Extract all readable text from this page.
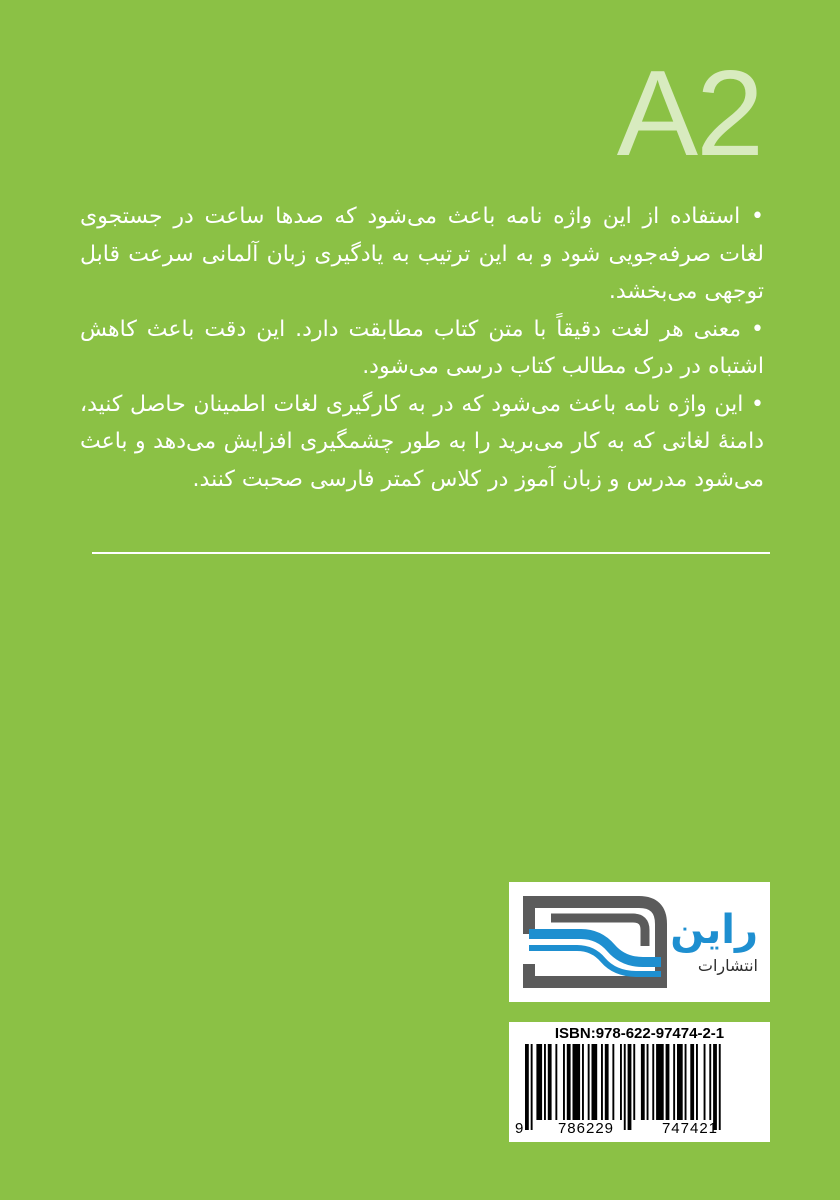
A2

• استفاده از این واژه نامه باعث می‌شود که صدها ساعت در جستجوی لغات صرفه‌جویی شود و به این ترتیب به یادگیری زبان آلمانی سرعت قابل توجهی می‌بخشد.

• معنی هر لغت دقیقاً با متن کتاب مطابقت دارد. این دقت باعث کاهش اشتباه در درک مطالب کتاب درسی می‌شود.

• این واژه نامه باعث می‌شود که در به کارگیری لغات اطمینان حاصل کنید، دامنهٔ لغاتی که به کار می‌برید را به طور چشمگیری افزایش می‌دهد و باعث می‌شود مدرس و زبان آموز در کلاس کمتر فارسی صحبت کنند.

راین
انتشارات
ISBN:978-622-97474-2-1
9	786229	747421
